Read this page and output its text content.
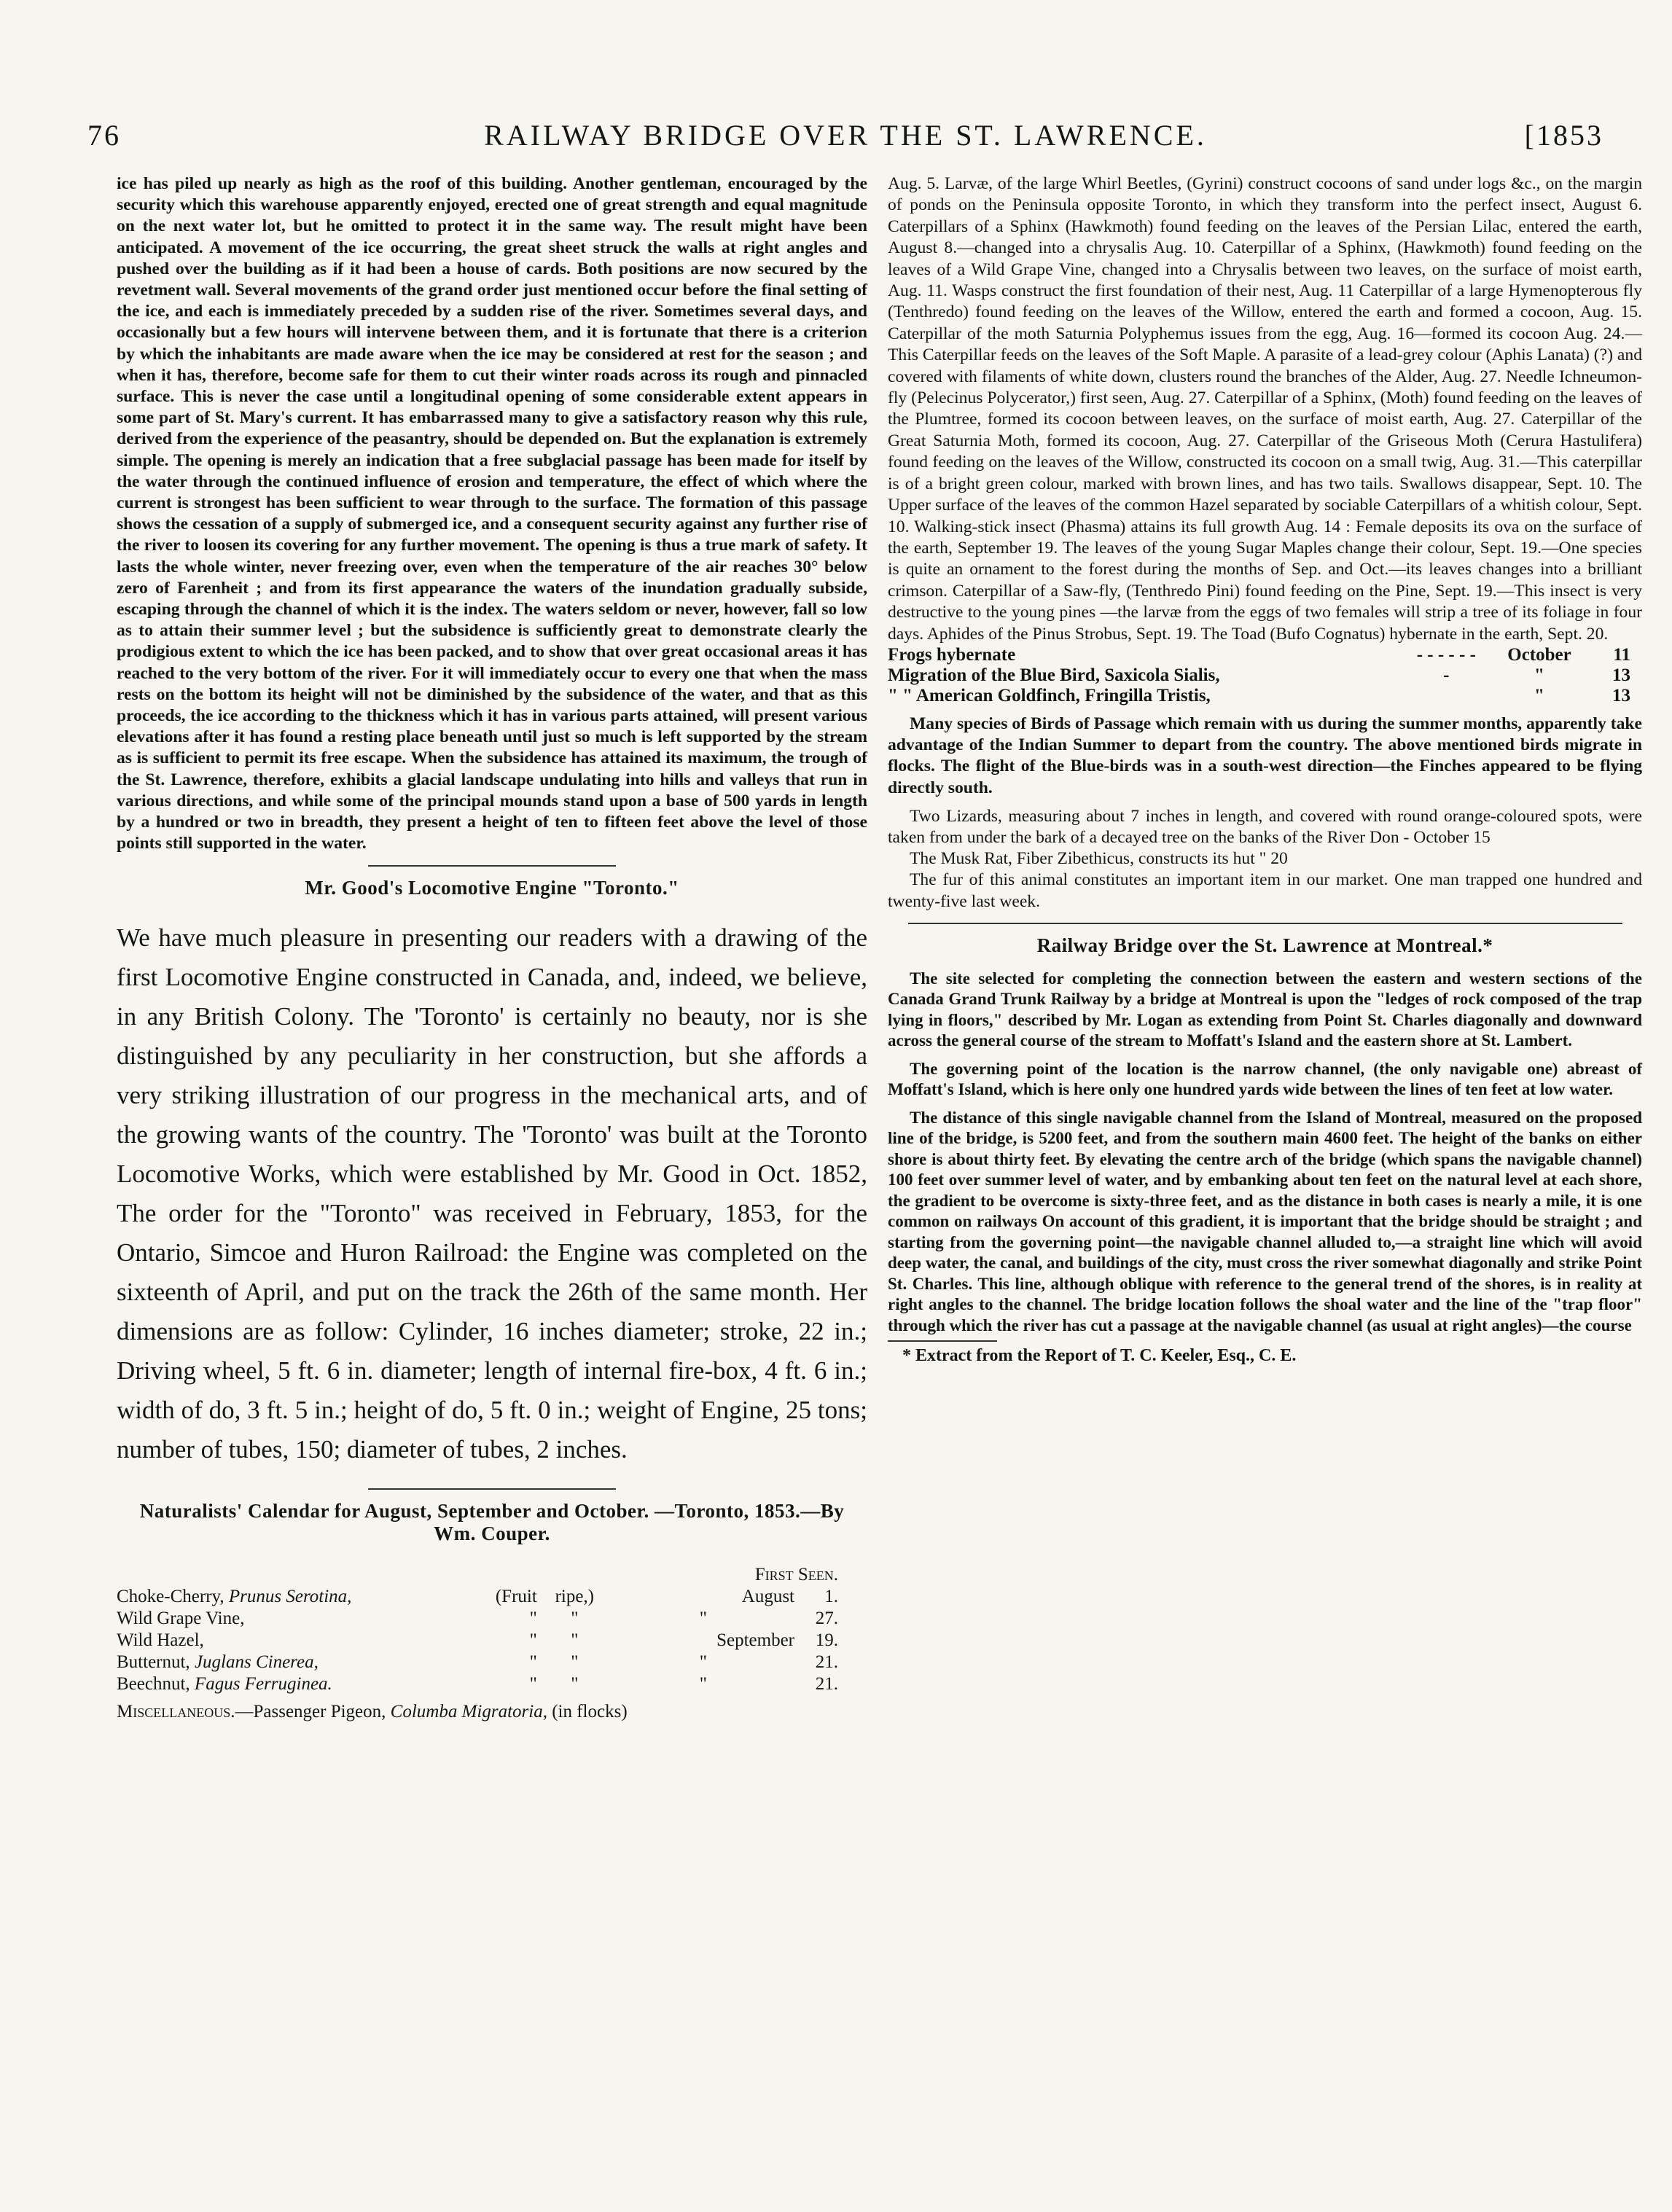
76	RAILWAY BRIDGE OVER THE ST. LAWRENCE.	[1853

ice has piled up nearly as high as the roof of this building. Another gentleman, encouraged by the security which this warehouse apparently enjoyed, erected one of great strength and equal magnitude on the next water lot, but he omitted to protect it in the same way. The result might have been anticipated. A movement of the ice occurring, the great sheet struck the walls at right angles and pushed over the building as if it had been a house of cards. Both positions are now secured by the revetment wall. Several movements of the grand order just mentioned occur before the final setting of the ice, and each is immediately preceded by a sudden rise of the river. Sometimes several days, and occasionally but a few hours will intervene between them, and it is fortunate that there is a criterion by which the inhabitants are made aware when the ice may be considered at rest for the season ; and when it has, therefore, become safe for them to cut their winter roads across its rough and pinnacled surface. This is never the case until a longitudinal opening of some considerable extent appears in some part of St. Mary's current. It has embarrassed many to give a satisfactory reason why this rule, derived from the experience of the peasantry, should be depended on. But the explanation is extremely simple. The opening is merely an indication that a free subglacial passage has been made for itself by the water through the continued influence of erosion and temperature, the effect of which where the current is strongest has been sufficient to wear through to the surface. The formation of this passage shows the cessation of a supply of submerged ice, and a consequent security against any further rise of the river to loosen its covering for any further movement. The opening is thus a true mark of safety. It lasts the whole winter, never freezing over, even when the temperature of the air reaches 30° below zero of Farenheit ; and from its first appearance the waters of the inundation gradually subside, escaping through the channel of which it is the index. The waters seldom or never, however, fall so low as to attain their summer level ; but the subsidence is sufficiently great to demonstrate clearly the prodigious extent to which the ice has been packed, and to show that over great occasional areas it has reached to the very bottom of the river. For it will immediately occur to every one that when the mass rests on the bottom its height will not be diminished by the subsidence of the water, and that as this proceeds, the ice according to the thickness which it has in various parts attained, will present various elevations after it has found a resting place beneath until just so much is left supported by the stream as is sufficient to permit its free escape. When the subsidence has attained its maximum, the trough of the St. Lawrence, therefore, exhibits a glacial landscape undulating into hills and valleys that run in various directions, and while some of the principal mounds stand upon a base of 500 yards in length by a hundred or two in breadth, they present a height of ten to fifteen feet above the level of those points still supported in the water.

Mr. Good's Locomotive Engine "Toronto."

We have much pleasure in presenting our readers with a drawing of the first Locomotive Engine constructed in Canada, and, indeed, we believe, in any British Colony. The 'Toronto' is certainly no beauty, nor is she distinguished by any peculiarity in her construction, but she affords a very striking illustration of our progress in the mechanical arts, and of the growing wants of the country. The 'Toronto' was built at the Toronto Locomotive Works, which were established by Mr. Good in Oct. 1852, The order for the "Toronto" was received in February, 1853, for the Ontario, Simcoe and Huron Railroad: the Engine was completed on the sixteenth of April, and put on the track the 26th of the same month. Her dimensions are as follow: Cylinder, 16 inches diameter; stroke, 22 in.; Driving wheel, 5 ft. 6 in. diameter; length of internal fire-box, 4 ft. 6 in.; width of do, 3 ft. 5 in.; height of do, 5 ft. 0 in.; weight of Engine, 25 tons; number of tubes, 150; diameter of tubes, 2 inches.

Naturalists' Calendar for August, September and October. —Toronto, 1853.—By Wm. Couper.
			First Seen.	
Choke-Cherry, Prunus Serotina,	(Fruit	ripe,)	August	1.
Wild Grape Vine,	"	"	"	27.
Wild Hazel,	"	"	September	19.
Butternut, Juglans Cinerea,	"	"	"	21.
Beechnut, Fagus Ferruginea.	"	"	"	21.

Miscellaneous.—Passenger Pigeon, Columba Migratoria, (in flocks)

Aug. 5. Larvæ, of the large Whirl Beetles, (Gyrini) construct cocoons of sand under logs &c., on the margin of ponds on the Peninsula opposite Toronto, in which they transform into the perfect insect, August 6. Caterpillars of a Sphinx (Hawkmoth) found feeding on the leaves of the Persian Lilac, entered the earth, August 8.—changed into a chrysalis Aug. 10. Caterpillar of a Sphinx, (Hawkmoth) found feeding on the leaves of a Wild Grape Vine, changed into a Chrysalis between two leaves, on the surface of moist earth, Aug. 11. Wasps construct the first foundation of their nest, Aug. 11 Caterpillar of a large Hymenopterous fly (Tenthredo) found feeding on the leaves of the Willow, entered the earth and formed a cocoon, Aug. 15. Caterpillar of the moth Saturnia Polyphemus issues from the egg, Aug. 16—formed its cocoon Aug. 24.—This Caterpillar feeds on the leaves of the Soft Maple. A parasite of a lead-grey colour (Aphis Lanata) (?) and covered with filaments of white down, clusters round the branches of the Alder, Aug. 27. Needle Ichneumon-fly (Pelecinus Polycerator,) first seen, Aug. 27. Caterpillar of a Sphinx, (Moth) found feeding on the leaves of the Plumtree, formed its cocoon between leaves, on the surface of moist earth, Aug. 27. Caterpillar of the Great Saturnia Moth, formed its cocoon, Aug. 27. Caterpillar of the Griseous Moth (Cerura Hastulifera) found feeding on the leaves of the Willow, constructed its cocoon on a small twig, Aug. 31.—This caterpillar is of a bright green colour, marked with brown lines, and has two tails. Swallows disappear, Sept. 10. The Upper surface of the leaves of the common Hazel separated by sociable Caterpillars of a whitish colour, Sept. 10. Walking-stick insect (Phasma) attains its full growth Aug. 14 : Female deposits its ova on the surface of the earth, September 19. The leaves of the young Sugar Maples change their colour, Sept. 19.—One species is quite an ornament to the forest during the months of Sep. and Oct.—its leaves changes into a brilliant crimson. Caterpillar of a Saw-fly, (Tenthredo Pini) found feeding on the Pine, Sept. 19.—This insect is very destructive to the young pines —the larvæ from the eggs of two females will strip a tree of its foliage in four days. Aphides of the Pinus Strobus, Sept. 19. The Toad (Bufo Cognatus) hybernate in the earth, Sept. 20.

Frogs hybernate	- - - - - -	October	11
Migration of the Blue Bird, Saxicola Sialis,	-	"	13
" " American Goldfinch, Fringilla Tristis,		"	13

Many species of Birds of Passage which remain with us during the summer months, apparently take advantage of the Indian Summer to depart from the country. The above mentioned birds migrate in flocks. The flight of the Blue-birds was in a south-west direction—the Finches appeared to be flying directly south.

Two Lizards, measuring about 7 inches in length, and covered with round orange-coloured spots, were taken from under the bark of a decayed tree on the banks of the River Don - October 15

The Musk Rat, Fiber Zibethicus, constructs its hut " 20

The fur of this animal constitutes an important item in our market. One man trapped one hundred and twenty-five last week.

Railway Bridge over the St. Lawrence at Montreal.*

The site selected for completing the connection between the eastern and western sections of the Canada Grand Trunk Railway by a bridge at Montreal is upon the "ledges of rock composed of the trap lying in floors," described by Mr. Logan as extending from Point St. Charles diagonally and downward across the general course of the stream to Moffatt's Island and the eastern shore at St. Lambert.

The governing point of the location is the narrow channel, (the only navigable one) abreast of Moffatt's Island, which is here only one hundred yards wide between the lines of ten feet at low water.

The distance of this single navigable channel from the Island of Montreal, measured on the proposed line of the bridge, is 5200 feet, and from the southern main 4600 feet. The height of the banks on either shore is about thirty feet. By elevating the centre arch of the bridge (which spans the navigable channel) 100 feet over summer level of water, and by embanking about ten feet on the natural level at each shore, the gradient to be overcome is sixty-three feet, and as the distance in both cases is nearly a mile, it is one common on railways On account of this gradient, it is important that the bridge should be straight ; and starting from the governing point—the navigable channel alluded to,—a straight line which will avoid deep water, the canal, and buildings of the city, must cross the river somewhat diagonally and strike Point St. Charles. This line, although oblique with reference to the general trend of the shores, is in reality at right angles to the channel. The bridge location follows the shoal water and the line of the "trap floor" through which the river has cut a passage at the navigable channel (as usual at right angles)—the course

* Extract from the Report of T. C. Keeler, Esq., C. E.
